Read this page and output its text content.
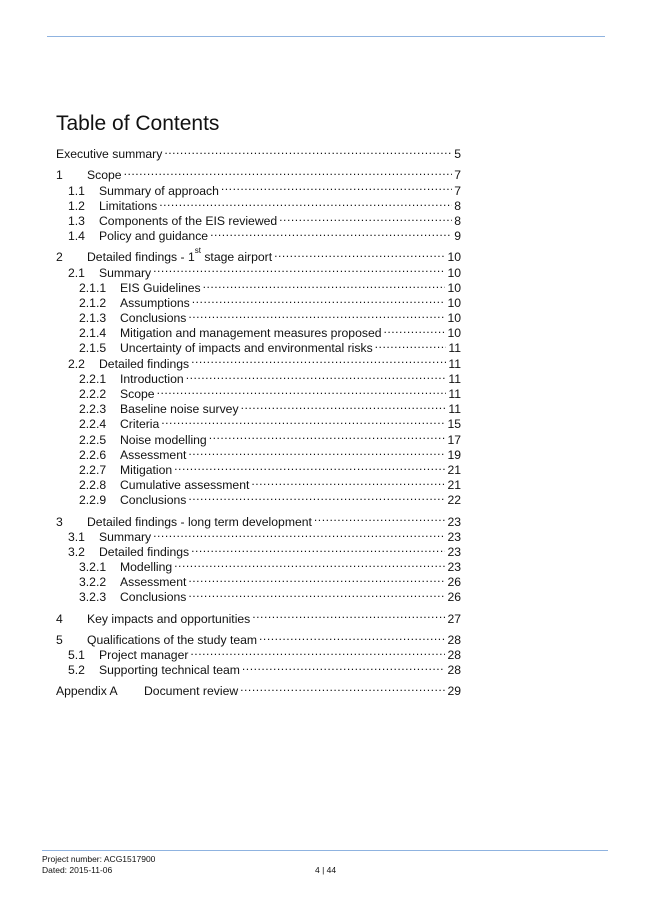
Table of Contents
Executive summary .....	5
1	Scope .....	7
1.1	Summary of approach .....	7
1.2	Limitations .....	8
1.3	Components of the EIS reviewed .....	8
1.4	Policy and guidance .....	9
2	Detailed findings - 1st stage airport .....	10
2.1	Summary .....	10
2.1.1	EIS Guidelines .....	10
2.1.2	Assumptions .....	10
2.1.3	Conclusions .....	10
2.1.4	Mitigation and management measures proposed .....	10
2.1.5	Uncertainty of impacts and environmental risks .....	11
2.2	Detailed findings .....	11
2.2.1	Introduction .....	11
2.2.2	Scope .....	11
2.2.3	Baseline noise survey .....	11
2.2.4	Criteria .....	15
2.2.5	Noise modelling .....	17
2.2.6	Assessment .....	19
2.2.7	Mitigation .....	21
2.2.8	Cumulative assessment .....	21
2.2.9	Conclusions .....	22
3	Detailed findings - long term development .....	23
3.1	Summary .....	23
3.2	Detailed findings .....	23
3.2.1	Modelling .....	23
3.2.2	Assessment .....	26
3.2.3	Conclusions .....	26
4	Key impacts and opportunities .....	27
5	Qualifications of the study team .....	28
5.1	Project manager .....	28
5.2	Supporting technical team .....	28
Appendix A	Document review .....	29
Project number: ACG1517900
Dated: 2015-11-06	4 | 44
